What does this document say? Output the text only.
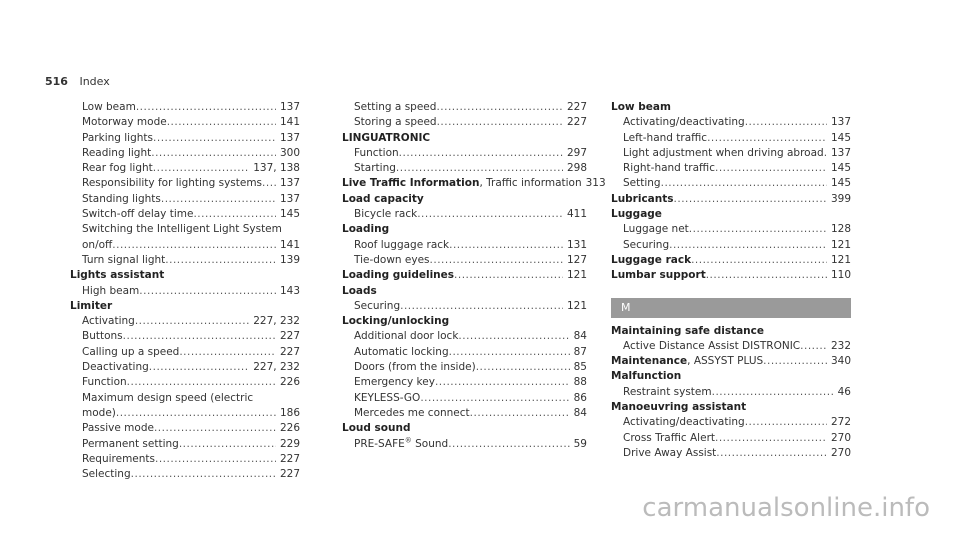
516 Index
Low beam .....	137
Motorway mode .....	141
Parking lights .....	137
Reading light .....	300
Rear fog light .....	137, 138
Responsibility for lighting systems ..... 137
Standing lights .....	137
Switch-off delay time .....	145
Switching the Intelligent Light System
on/off .....	141
Turn signal light .....	139
Lights assistant
High beam .....	143
Limiter
Activating .....	227, 232
Buttons .....	227
Calling up a speed .....	227
Deactivating .....	227, 232
Function .....	226
Maximum design speed (electric
mode) .....	186
Passive mode .....	226
Permanent setting .....	229
Requirements .....	227
Selecting .....	227
Setting a speed .....	227
Storing a speed .....	227
LINGUATRONIC
Function .....	297
Starting .....	298
Live Traffic Information, Traffic information 313
Load capacity
Bicycle rack .....	411
Loading
Roof luggage rack .....	131
Tie-down eyes .....	127
Loading guidelines .....	121
Loads
Securing .....	121
Locking/unlocking
Additional door lock .....	84
Automatic locking .....	87
Doors (from the inside) .....	85
Emergency key .....	88
KEYLESS-GO .....	86
Mercedes me connect .....	84
Loud sound
PRE-SAFE® Sound .....	59
Low beam
Activating/deactivating .....	137
Left-hand traffic .....	145
Light adjustment when driving abroad ..... 137
Right-hand traffic .....	145
Setting .....	145
Lubricants .....	399
Luggage
Luggage net .....	128
Securing .....	121
Luggage rack .....	121
Lumbar support .....	110
M
Maintaining safe distance
Active Distance Assist DISTRONIC .....	232
Maintenance, ASSYST PLUS .....	340
Malfunction
Restraint system .....	46
Manoeuvring assistant
Activating/deactivating .....	272
Cross Traffic Alert .....	270
Drive Away Assist .....	270
carmanualsonline.info
